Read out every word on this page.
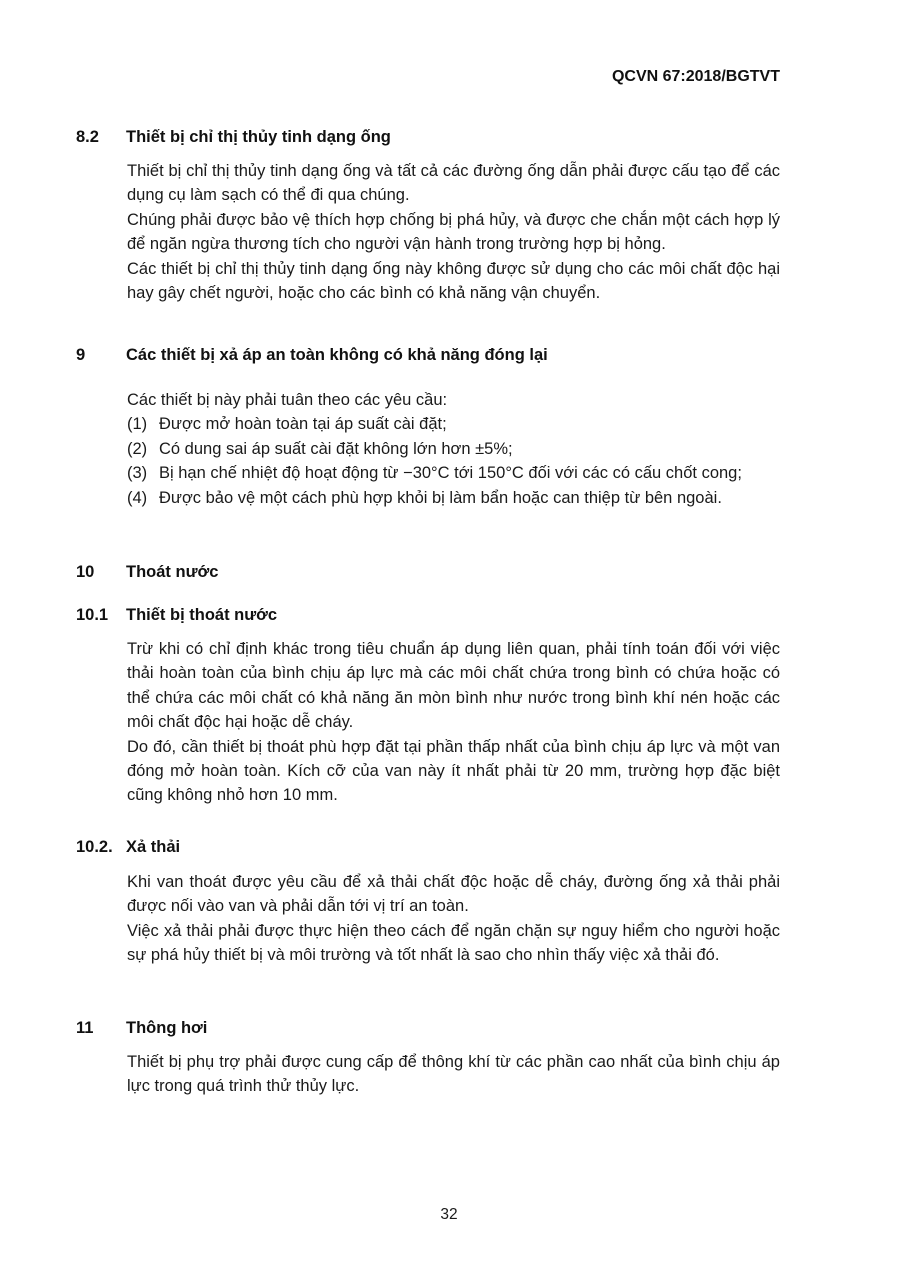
QCVN 67:2018/BGTVT
8.2 Thiết bị chỉ thị thủy tinh dạng ống

Thiết bị chỉ thị thủy tinh dạng ống và tất cả các đường ống dẫn phải được cấu tạo để các dụng cụ làm sạch có thể đi qua chúng.

Chúng phải được bảo vệ thích hợp chống bị phá hủy, và được che chắn một cách hợp lý để ngăn ngừa thương tích cho người vận hành trong trường hợp bị hỏng.

Các thiết bị chỉ thị thủy tinh dạng ống này không được sử dụng cho các môi chất độc hại hay gây chết người, hoặc cho các bình có khả năng vận chuyển.

9 Các thiết bị xả áp an toàn không có khả năng đóng lại

Các thiết bị này phải tuân theo các yêu cầu:

(1) Được mở hoàn toàn tại áp suất cài đặt;
(2) Có dung sai áp suất cài đặt không lớn hơn ±5%;
(3) Bị hạn chế nhiệt độ hoạt động từ −30°C tới 150°C đối với các có cấu chốt cong;
(4) Được bảo vệ một cách phù hợp khỏi bị làm bẩn hoặc can thiệp từ bên ngoài.
10 Thoát nước
10.1 Thiết bị thoát nước

Trừ khi có chỉ định khác trong tiêu chuẩn áp dụng liên quan, phải tính toán đối với việc thải hoàn toàn của bình chịu áp lực mà các môi chất chứa trong bình có chứa hoặc có thể chứa các môi chất có khả năng ăn mòn bình như nước trong bình khí nén hoặc các môi chất độc hại hoặc dễ cháy.

Do đó, cần thiết bị thoát phù hợp đặt tại phần thấp nhất của bình chịu áp lực và một van đóng mở hoàn toàn. Kích cỡ của van này ít nhất phải từ 20 mm, trường hợp đặc biệt cũng không nhỏ hơn 10 mm.

10.2. Xả thải

Khi van thoát được yêu cầu để xả thải chất độc hoặc dễ cháy, đường ống xả thải phải được nối vào van và phải dẫn tới vị trí an toàn.

Việc xả thải phải được thực hiện theo cách để ngăn chặn sự nguy hiểm cho người hoặc sự phá hủy thiết bị và môi trường và tốt nhất là sao cho nhìn thấy việc xả thải đó.

11 Thông hơi

Thiết bị phụ trợ phải được cung cấp để thông khí từ các phần cao nhất của bình chịu áp lực trong quá trình thử thủy lực.

32
